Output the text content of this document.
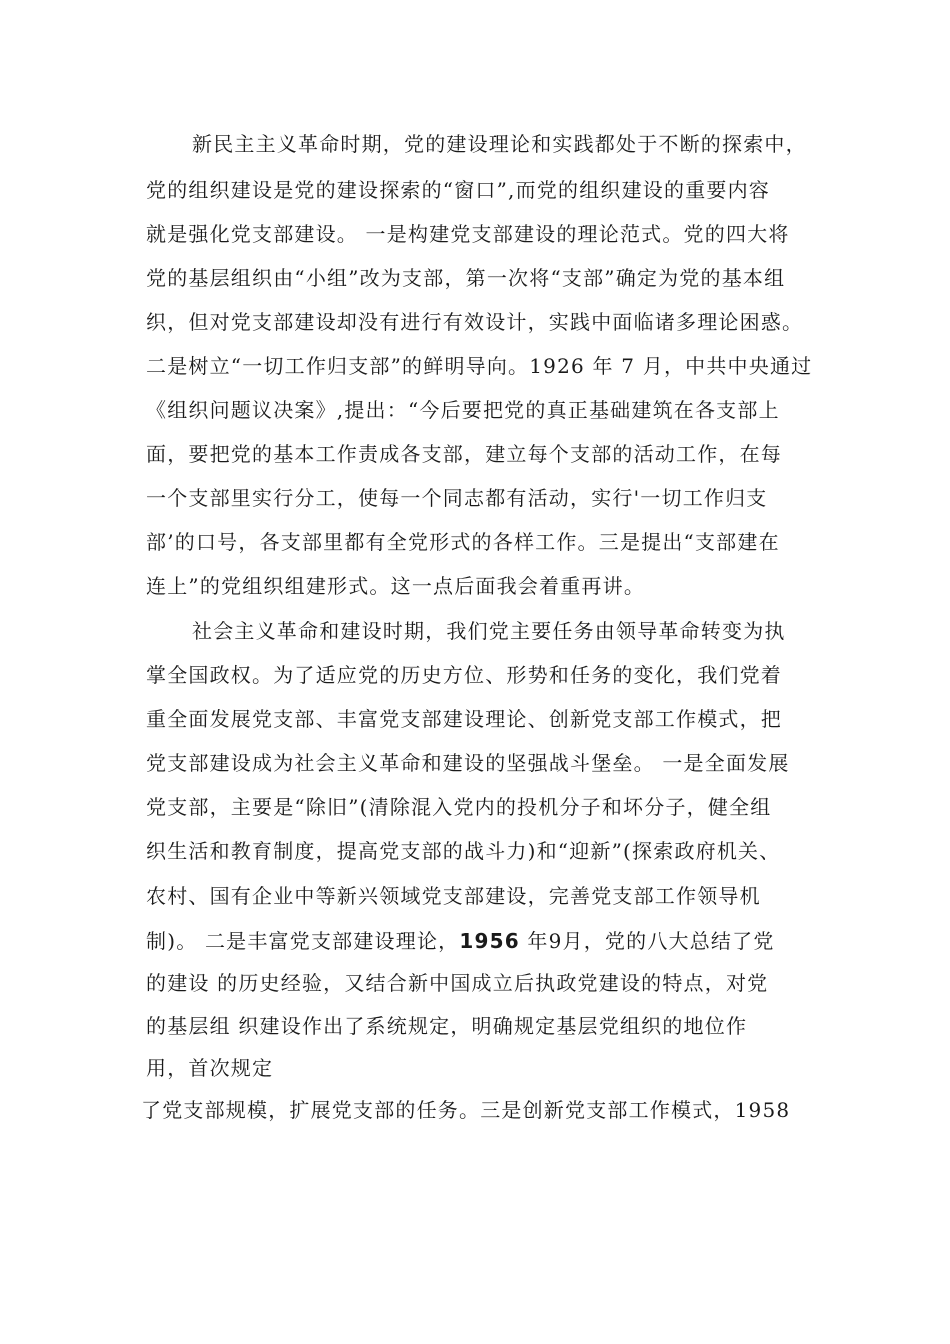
新民主主义革命时期，党的建设理论和实践都处于不断的探索中，
党的组织建设是党的建设探索的“窗口”,而党的组织建设的重要内容
就是强化党支部建设。 一是构建党支部建设的理论范式。党的四大将
党的基层组织由“小组”改为支部，第一次将“支部”确定为党的基本组
织，但对党支部建设却没有进行有效设计，实践中面临诸多理论困惑。
二是树立“一切工作归支部”的鲜明导向。1926 年 7 月，中共中央通过
《组织问题议决案》,提出：“今后要把党的真正基础建筑在各支部上
面，要把党的基本工作责成各支部，建立每个支部的活动工作，在每
一个支部里实行分工，使每一个同志都有活动，实行'一切工作归支
部’的口号，各支部里都有全党形式的各样工作。三是提出“支部建在
连上”的党组织组建形式。这一点后面我会着重再讲。
社会主义革命和建设时期，我们党主要任务由领导革命转变为执
掌全国政权。为了适应党的历史方位、形势和任务的变化，我们党着
重全面发展党支部、丰富党支部建设理论、创新党支部工作模式，把
党支部建设成为社会主义革命和建设的坚强战斗堡垒。 一是全面发展
党支部，主要是“除旧”(清除混入党内的投机分子和坏分子，健全组
织生活和教育制度，提高党支部的战斗力)和“迎新”(探索政府机关、
农村、国有企业中等新兴领域党支部建设，完善党支部工作领导机
制)。 二是丰富党支部建设理论，1956 年9月，党的八大总结了党
的建设 的历史经验，又结合新中国成立后执政党建设的特点，对党
的基层组 织建设作出了系统规定，明确规定基层党组织的地位作
用，首次规定
了党支部规模，扩展党支部的任务。三是创新党支部工作模式，1958
